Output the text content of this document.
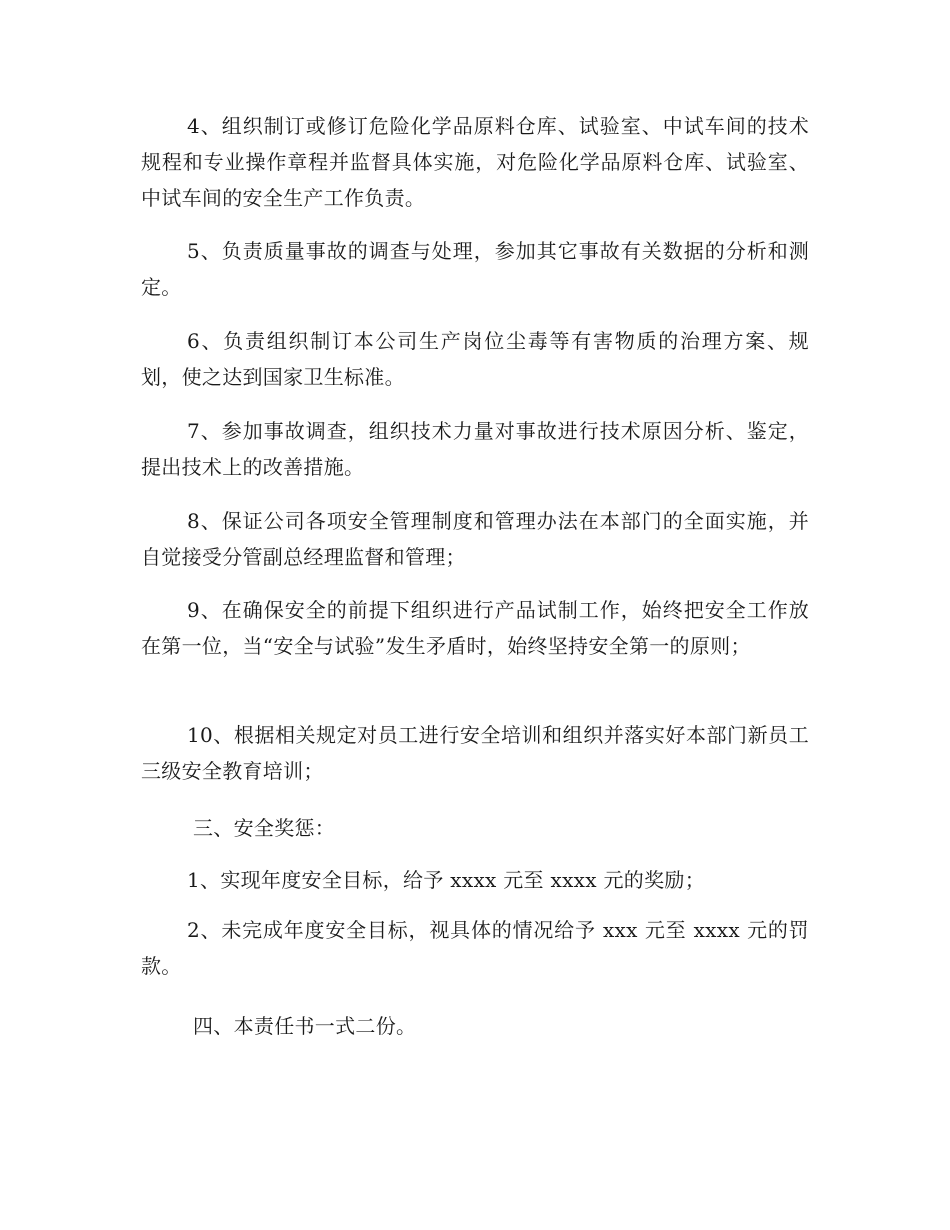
4、组织制订或修订危险化学品原料仓库、试验室、中试车间的技术规程和专业操作章程并监督具体实施，对危险化学品原料仓库、试验室、中试车间的安全生产工作负责。

5、负责质量事故的调查与处理，参加其它事故有关数据的分析和测定。

6、负责组织制订本公司生产岗位尘毒等有害物质的治理方案、规划，使之达到国家卫生标准。

7、参加事故调查，组织技术力量对事故进行技术原因分析、鉴定，提出技术上的改善措施。

8、保证公司各项安全管理制度和管理办法在本部门的全面实施，并自觉接受分管副总经理监督和管理；

9、在确保安全的前提下组织进行产品试制工作，始终把安全工作放在第一位，当“安全与试验”发生矛盾时，始终坚持安全第一的原则；

10、根据相关规定对员工进行安全培训和组织并落实好本部门新员工三级安全教育培训；

三、安全奖惩：

1、实现年度安全目标，给予 xxxx 元至 xxxx 元的奖励；

2、未完成年度安全目标，视具体的情况给予 xxx 元至 xxxx 元的罚款。

四、本责任书一式二份。
